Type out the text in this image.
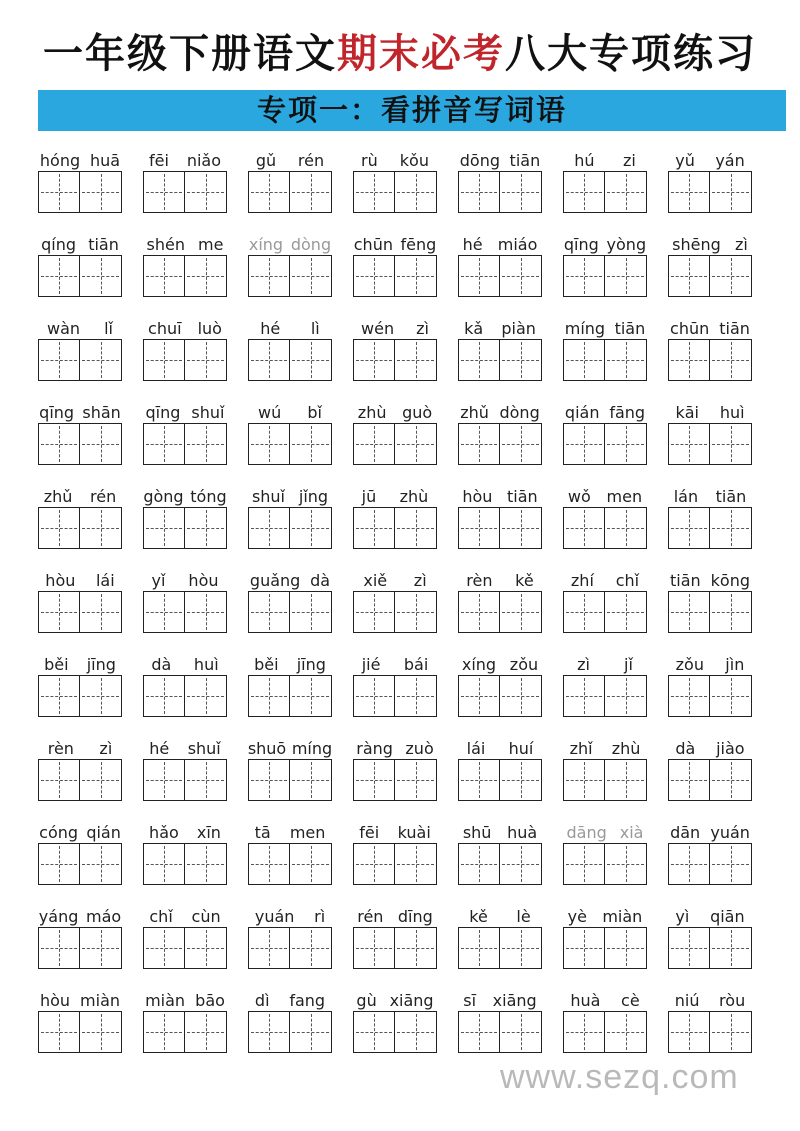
一年级下册语文期末必考八大专项练习
专项一：看拼音写词语
hóng huā fēi niǎo gǔ rén rù kǒu dōng tiān hú zi yǔ yán
qíng tiān shén me xíng dòng chūn fēng hé miáo qīng yòng shēng zì
wàn lǐ chuī luò hé lì	wén zì kǎ piàn míng tiān chūn tiān
qīng shān qīng shuǐ wú bǐ zhù guò zhǔ dòng qián fāng kāi huì
zhǔ rén gòng tóng shuǐ jǐng jū zhù hòu tiān wǒ men lán tiān
hòu lái yǐ hòu guǎng dà xiě zì rèn kě zhí chǐ tiān kōng
běi jīng dà huì běi jīng jié bái xíng zǒu zì jǐ	zǒu jìn
rèn zì hé shuǐ shuō míng ràng zuò lái huí zhǐ zhù dà jiào
cóng qián hǎo xīn tā men fēi kuài shū huà dāng xià dān yuán
yáng máo chǐ cùn yuán rì rén dīng kě lè yè miàn yì qiān
hòu miàn miàn bāo dì fang gù xiāng sī xiāng huà cè niú ròu
www.sezq.com
